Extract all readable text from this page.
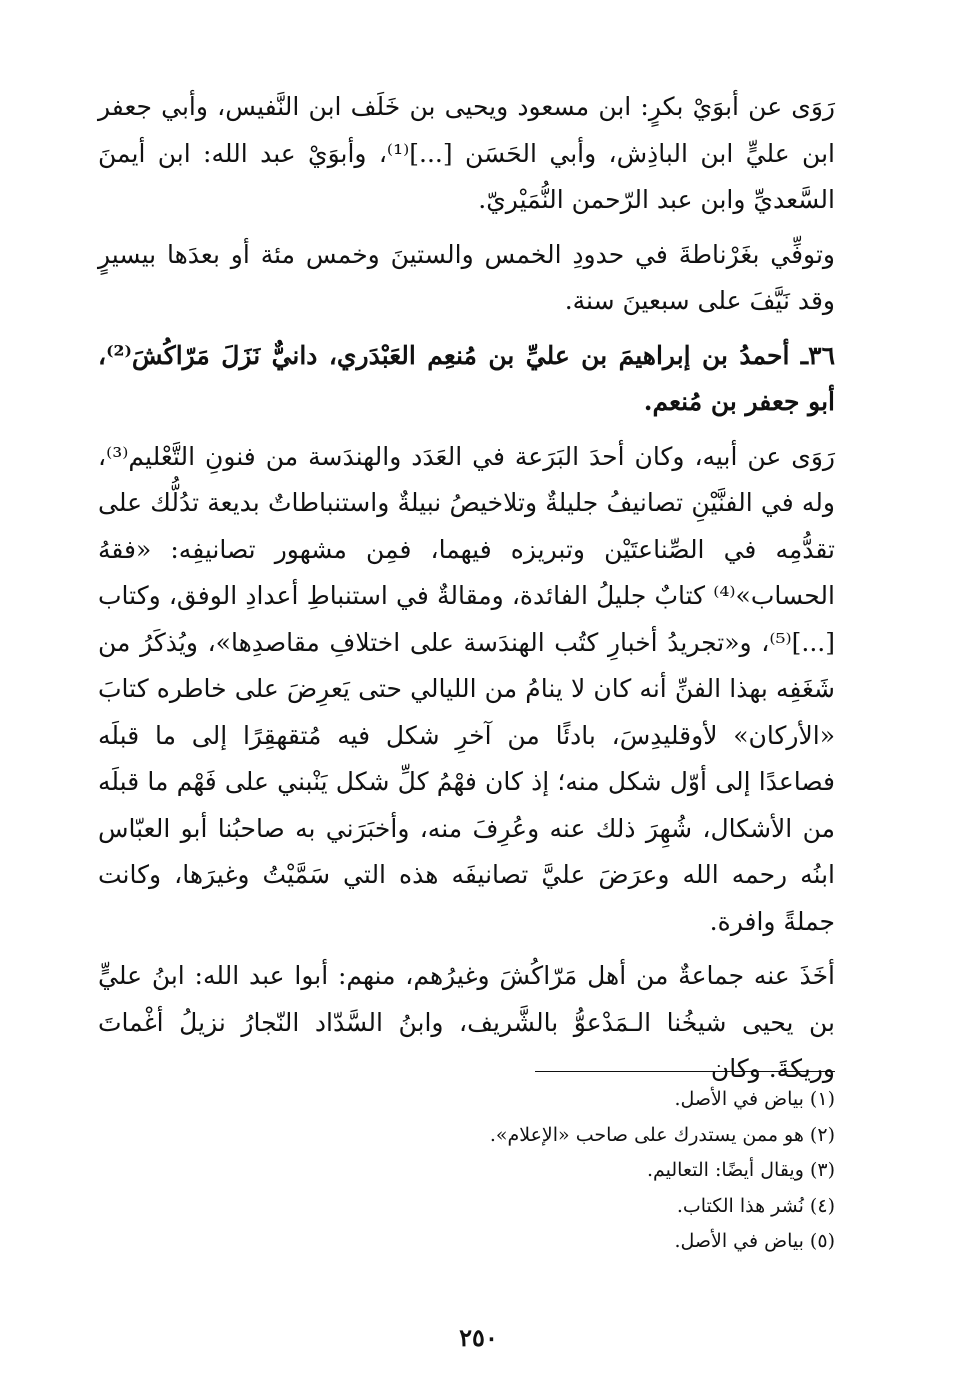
رَوَى عن أبوَيْ بكرٍ: ابن مسعود ويحيى بن خَلَف ابن النَّفيس، وأبي جعفر ابن عليٍّ ابن الباذِش، وأبي الحَسَن [...]⁽¹⁾، وأبوَيْ عبد الله: ابن أيمنَ السَّعديِّ وابن عبد الرّحمن النُّمَيْريّ.

وتوفِّي بغَرْناطةَ في حدودِ الخمس والستينَ وخمس مئة أو بعدَها بيسيرٍ وقد نَيَّفَ على سبعينَ سنة.

٣٦ـ أحمدُ بن إبراهيمَ بن عليِّ بن مُنعِم العَبْدَري، دانيٌّ نَزَلَ مَرّاكُشَ⁽²⁾، أبو جعفر بن مُنعم.

رَوَى عن أبيه، وكان أحدَ البَرَعة في العَدَد والهندَسة من فنونِ التَّعْليم⁽³⁾، وله في الفنَّيْنِ تصانيفُ جليلةٌ وتلاخيصُ نبيلةٌ واستنباطاتٌ بديعة تدُلُّك على تقدُّمِه في الصِّناعتَيْن وتبريزه فيهما، فمِن مشهور تصانيفِه: «فقهُ الحساب»⁽⁴⁾ كتابٌ جليلُ الفائدة، ومقالةٌ في استنباطِ أعدادِ الوفق، وكتاب [...]⁽⁵⁾، و«تجريدُ أخبارِ كتُب الهندَسة على اختلافِ مقاصدِها»، ويُذكَرُ من شَغَفِه بهذا الفنِّ أنه كان لا ينامُ من الليالي حتى يَعرِضَ على خاطره كتابَ «الأركان» لأوقليدِسَ، بادئًا من آخرِ شكل فيه مُتقهقِرًا إلى ما قبلَه فصاعدًا إلى أوّل شكل منه؛ إذ كان فهْمُ كلِّ شكل يَنْبني على فَهْم ما قبلَه من الأشكال، شُهِرَ ذلك عنه وعُرِفَ منه، وأخبَرَني به صاحبُنا أبو العبّاس ابنُه رحمه الله وعرَضَ عليَّ تصانيفَه هذه التي سَمَّيْتُ وغيرَها، وكانت جملةً وافرة.

أخَذَ عنه جماعةٌ من أهل مَرّاكُشَ وغيرُهم، منهم: أبوا عبد الله: ابنُ عليٍّ بن يحيى شيخُنا الـمَدْعوُّ بالشَّريف، وابنُ السَّدّاد النّجارُ نزيلُ أغْماتَ وريكةَ. وكان

(١) بياض في الأصل.

(٢) هو ممن يستدرك على صاحب «الإعلام».

(٣) ويقال أيضًا: التعاليم.

(٤) نُشر هذا الكتاب.

(٥) بياض في الأصل.

٢٥٠
